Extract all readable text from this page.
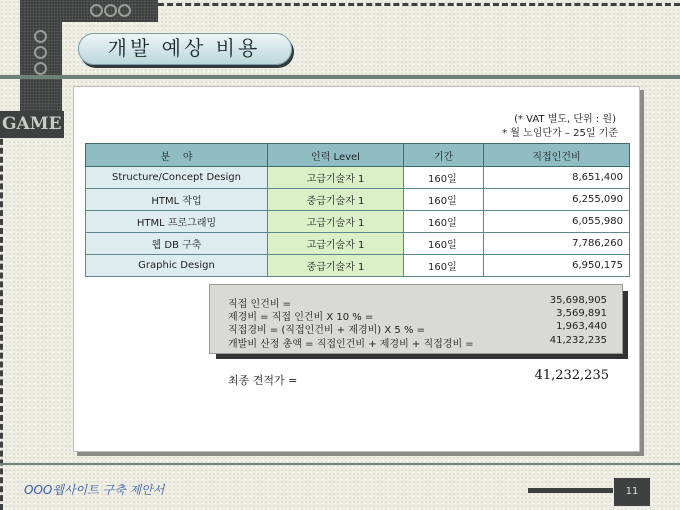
GAME
개발 예상 비용
(* VAT 별도, 단위 : 원)
* 월 노임단가 – 25일 기준
분    야	인력 Level	기간	직접인건비
Structure/Concept Design	고급기술자 1	160일	8,651,400
HTML 작업	중급기술자 1	160일	6,255,090
HTML 프로그래밍	고급기술자 1	160일	6,055,980
웹 DB 구축	고급기술자 1	160일	7,786,260
Graphic Design	중급기술자 1	160일	6,950,175
직접 인건비 =	35,698,905
제경비 = 직접 인건비 X 10 % =	3,569,891
직접경비 = (직접인건비 + 제경비) X 5 % =	1,963,440
개발비 산정 총액 = 직접인건비 + 제경비 + 직접경비 =	41,232,235
최종 견적가 =	41,232,235
OOO웹사이트 구축 제안서	11
